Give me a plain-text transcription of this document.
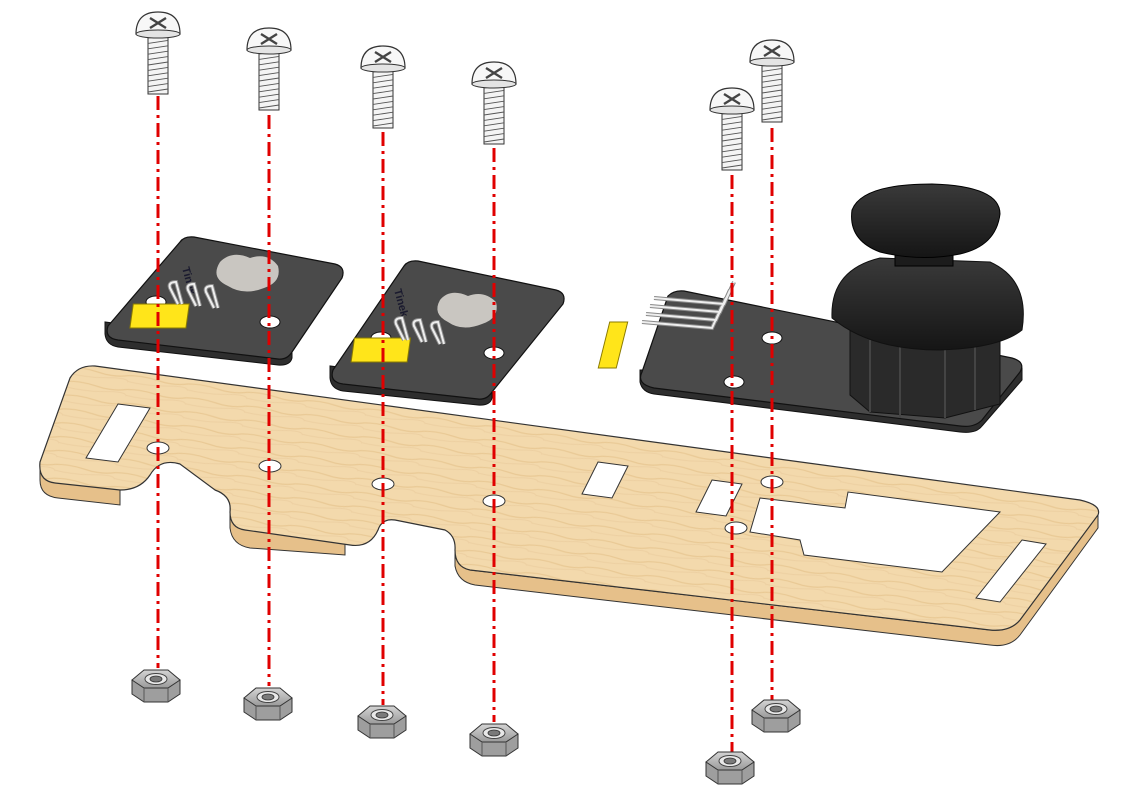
Tinek
Tinek
